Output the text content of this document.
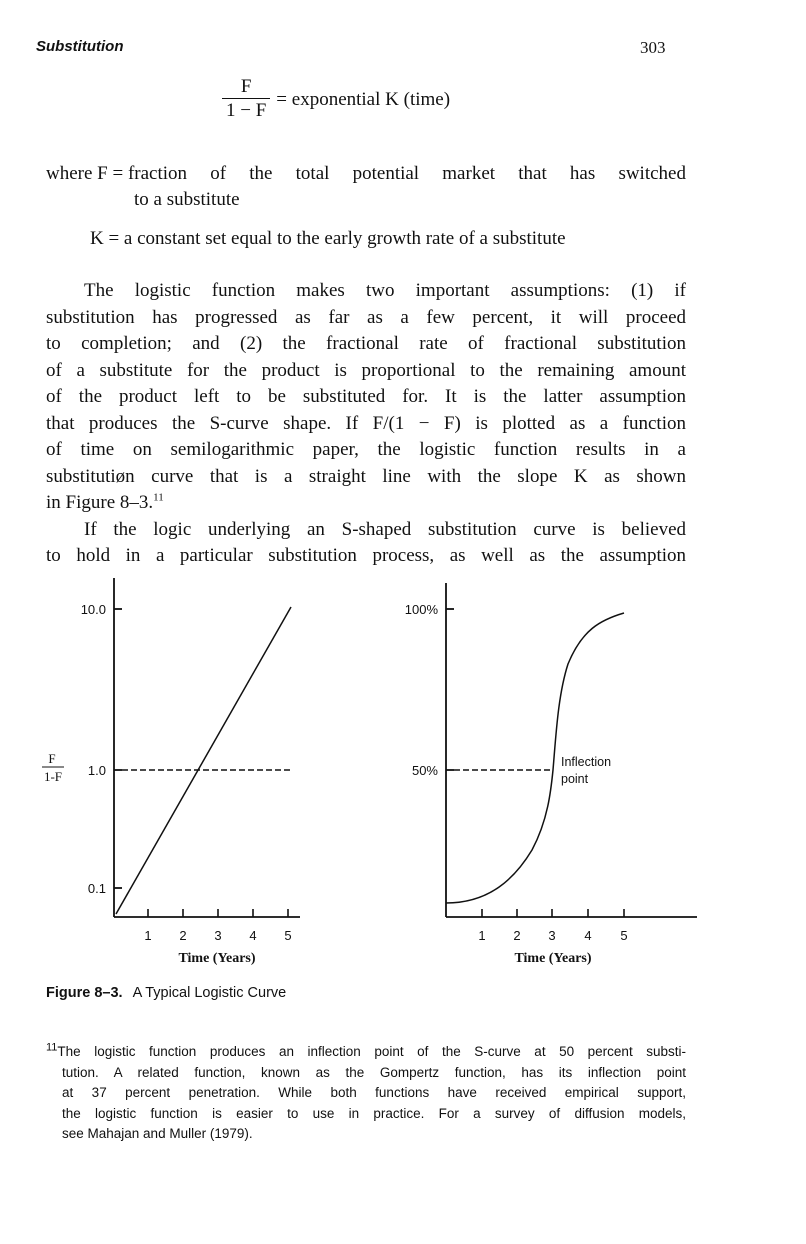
Substitution	303
$\frac{F}{1 - F}$ = exponential K (time)
where F = fraction of the total potential market that has switched
to a substitute
K = a constant set equal to the early growth rate of a substitute
The logistic function makes two important assumptions: (1) if
substitution has progressed as far as a few percent, it will proceed
to completion; and (2) the fractional rate of fractional substitution
of a substitute for the product is proportional to the remaining amount
of the product left to be substituted for. It is the latter assumption
that produces the S-curve shape. If F/(1 − F) is plotted as a function
of time on semilogarithmic paper, the logistic function results in a
substitutiøn curve that is a straight line with the slope K as shown
in Figure 8–3.11
If the logic underlying an S-shaped substitution curve is believed
to hold in a particular substitution process, as well as the assumption
10.0
1.0
0.1
F
1-F
1 2 3 4 5
Time (Years)
100%
50%
Inflection
point
1 2 3 4 5
Time (Years)
Figure 8–3. A Typical Logistic Curve
$^{11}$The logistic function produces an inflection point of the S-curve at 50 percent substi-
tution. A related function, known as the Gompertz function, has its inflection point
at 37 percent penetration. While both functions have received empirical support,
the logistic function is easier to use in practice. For a survey of diffusion models,
see Mahajan and Muller (1979).
